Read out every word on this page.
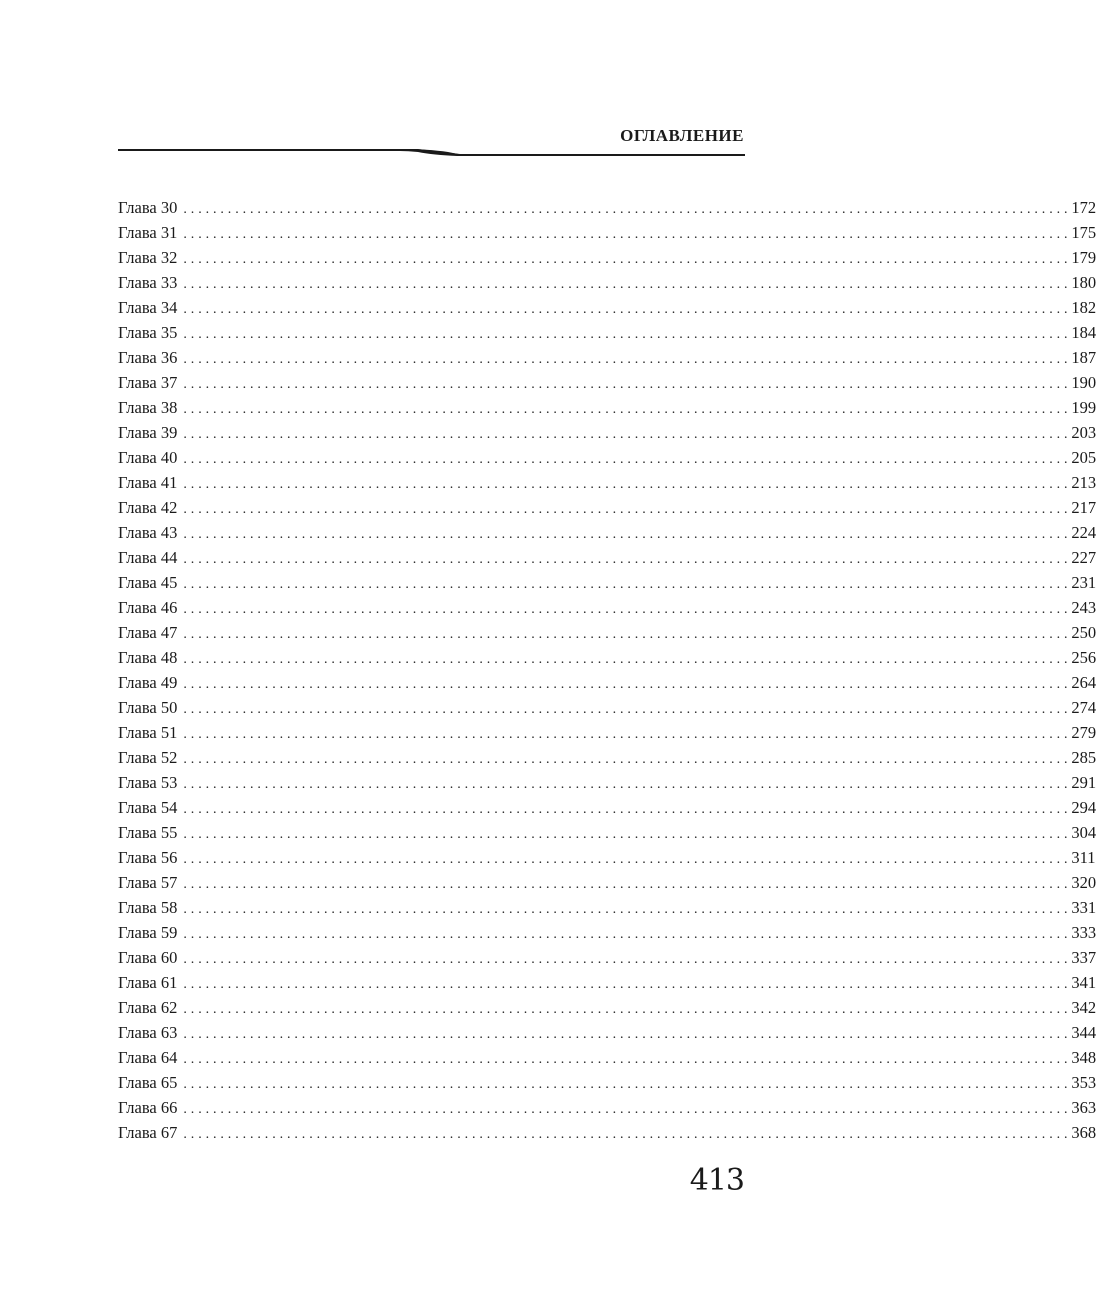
ОГЛАВЛЕНИЕ
Глава 30 ........................................................................................................................ 172
Глава 31 ........................................................................................................................ 175
Глава 32 ........................................................................................................................ 179
Глава 33 ........................................................................................................................ 180
Глава 34 ........................................................................................................................ 182
Глава 35 ........................................................................................................................ 184
Глава 36 ........................................................................................................................ 187
Глава 37 ........................................................................................................................ 190
Глава 38 ........................................................................................................................ 199
Глава 39 ........................................................................................................................ 203
Глава 40 ........................................................................................................................ 205
Глава 41 ........................................................................................................................ 213
Глава 42 ........................................................................................................................ 217
Глава 43 ........................................................................................................................ 224
Глава 44 ........................................................................................................................ 227
Глава 45 ........................................................................................................................ 231
Глава 46 ........................................................................................................................ 243
Глава 47 ........................................................................................................................ 250
Глава 48 ........................................................................................................................ 256
Глава 49 ........................................................................................................................ 264
Глава 50 ........................................................................................................................ 274
Глава 51 ........................................................................................................................ 279
Глава 52 ........................................................................................................................ 285
Глава 53 ........................................................................................................................ 291
Глава 54 ........................................................................................................................ 294
Глава 55 ........................................................................................................................ 304
Глава 56 ........................................................................................................................ 311
Глава 57 ........................................................................................................................ 320
Глава 58 ........................................................................................................................ 331
Глава 59 ........................................................................................................................ 333
Глава 60 ........................................................................................................................ 337
Глава 61 ........................................................................................................................ 341
Глава 62 ........................................................................................................................ 342
Глава 63 ........................................................................................................................ 344
Глава 64 ........................................................................................................................ 348
Глава 65 ........................................................................................................................ 353
Глава 66 ........................................................................................................................ 363
Глава 67 ........................................................................................................................ 368
413
